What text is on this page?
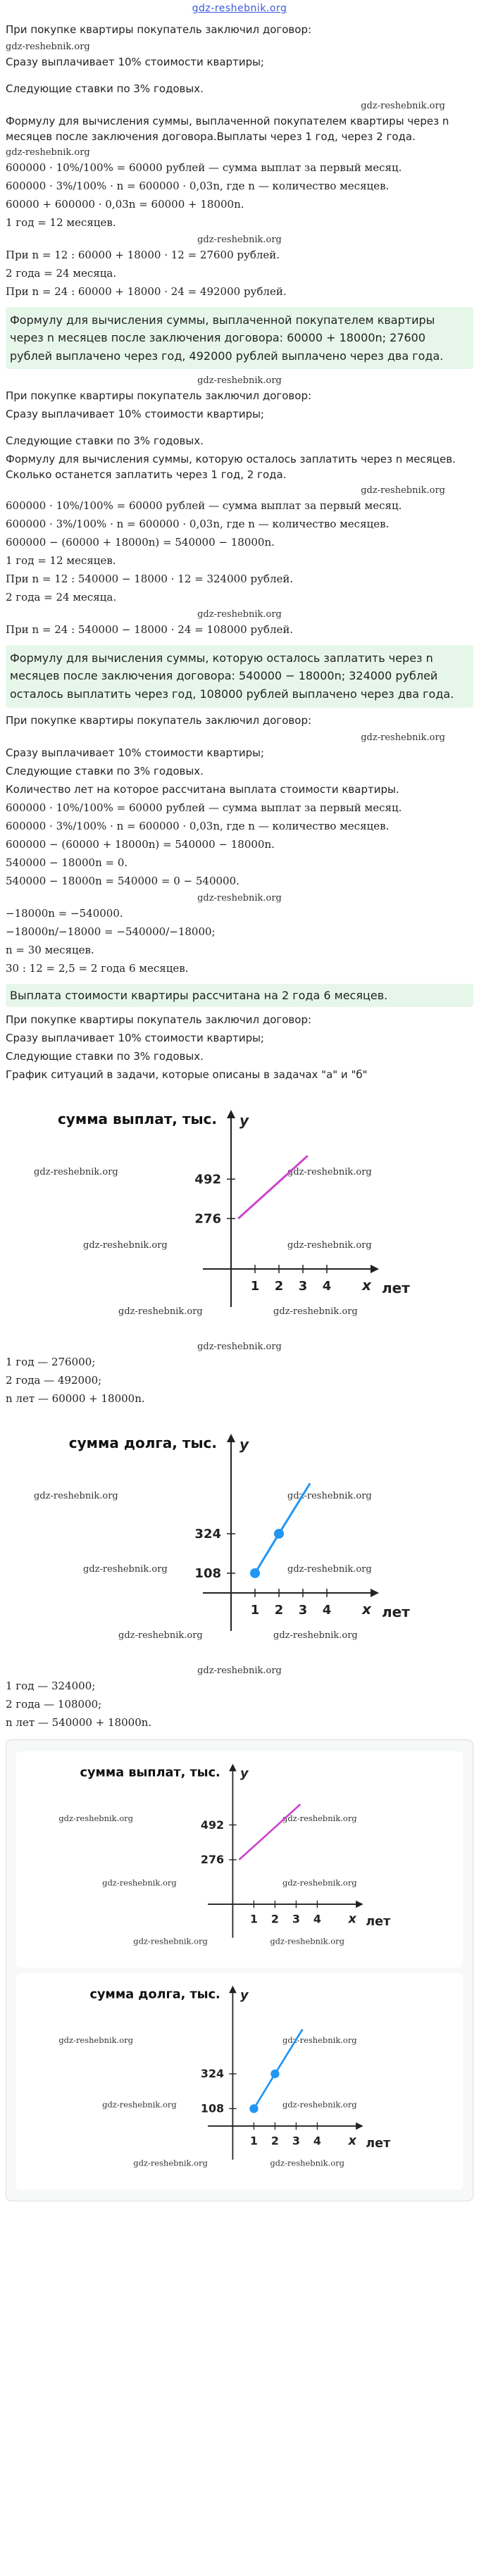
gdz-reshebnik.org
При покупке квартиры покупатель заключил договор:
gdz-reshebnik.org
Сразу выплачивает 10% стоимости квартиры;
Следующие ставки по 3% годовых.
gdz-reshebnik.org
Формулу для вычисления суммы, выплаченной покупателем квартиры через n месяцев после заключения договора.Выплаты через 1 год, через 2 года.
gdz-reshebnik.org
600000 · 10%/100% = 60000 рублей — сумма выплат за первый месяц.
600000 · 3%/100% · n = 600000 · 0,03n, где n — количество месяцев.
60000 + 600000 · 0,03n = 60000 + 18000n.
1 год = 12 месяцев.
gdz-reshebnik.org
При n = 12 : 60000 + 18000 · 12 = 27600 рублей.
2 года = 24 месяца.
При n = 24 : 60000 + 18000 · 24 = 492000 рублей.
Формулу для вычисления суммы, выплаченной покупателем квартиры через n месяцев после заключения договора: 60000 + 18000n; 27600 рублей выплачено через год, 492000 рублей выплачено через два года.
gdz-reshebnik.org
При покупке квартиры покупатель заключил договор:
Сразу выплачивает 10% стоимости квартиры;
Следующие ставки по 3% годовых.
Формулу для вычисления суммы, которую осталось заплатить через n месяцев. Сколько останется заплатить через 1 год, 2 года.
gdz-reshebnik.org
600000 · 10%/100% = 60000 рублей — сумма выплат за первый месяц.
600000 · 3%/100% · n = 600000 · 0,03n, где n — количество месяцев.
600000 − (60000 + 18000n) = 540000 − 18000n.
1 год = 12 месяцев.
При n = 12 : 540000 − 18000 · 12 = 324000 рублей.
2 года = 24 месяца.
gdz-reshebnik.org
При n = 24 : 540000 − 18000 · 24 = 108000 рублей.
Формулу для вычисления суммы, которую осталось заплатить через n месяцев после заключения договора: 540000 − 18000n; 324000 рублей осталось выплатить через год, 108000 рублей выплачено через два года.
При покупке квартиры покупатель заключил договор:
gdz-reshebnik.org
Сразу выплачивает 10% стоимости квартиры;
Следующие ставки по 3% годовых.
Количество лет на которое рассчитана выплата стоимости квартиры.
600000 · 10%/100% = 60000 рублей — сумма выплат за первый месяц.
600000 · 3%/100% · n = 600000 · 0,03n, где n — количество месяцев.
600000 − (60000 + 18000n) = 540000 − 18000n.
540000 − 18000n = 0.
540000 − 18000n = 540000 = 0 − 540000.
gdz-reshebnik.org
−18000n = −540000.
−18000n/−18000 = −540000/−18000;
n = 30 месяцев.
30 : 12 = 2,5 = 2 года 6 месяцев.
Выплата стоимости квартиры рассчитана на 2 года 6 месяцев.
При покупке квартиры покупатель заключил договор:
Сразу выплачивает 10% стоимости квартиры;
Следующие ставки по 3% годовых.
График ситуаций в задачи, которые описаны в задачах "а" и "б"
gdz-reshebnik.org	gdz-reshebnik.org
gdz-reshebnik.org	gdz-reshebnik.org
gdz-reshebnik.org	gdz-reshebnik.org
сумма выплат, тыс. y
x лет
1 2 3 4
276
492
gdz-reshebnik.org
1 год — 276000;
2 года — 492000;
n лет — 60000 + 18000n.
gdz-reshebnik.org	gdz-reshebnik.org
gdz-reshebnik.org	gdz-reshebnik.org
gdz-reshebnik.org	gdz-reshebnik.org
сумма долга, тыс. y
x лет
1 2 3 4
108
324
gdz-reshebnik.org
1 год — 324000;
2 года — 108000;
n лет — 540000 + 18000n.
gdz-reshebnik.org	gdz-reshebnik.org
gdz-reshebnik.org	gdz-reshebnik.org
gdz-reshebnik.org	gdz-reshebnik.org
сумма выплат, тыс. y
x лет
1 2 3 4
276
492
gdz-reshebnik.org	gdz-reshebnik.org
gdz-reshebnik.org	gdz-reshebnik.org
gdz-reshebnik.org	gdz-reshebnik.org
сумма долга, тыс. y
x лет
1 2 3 4
108
324
